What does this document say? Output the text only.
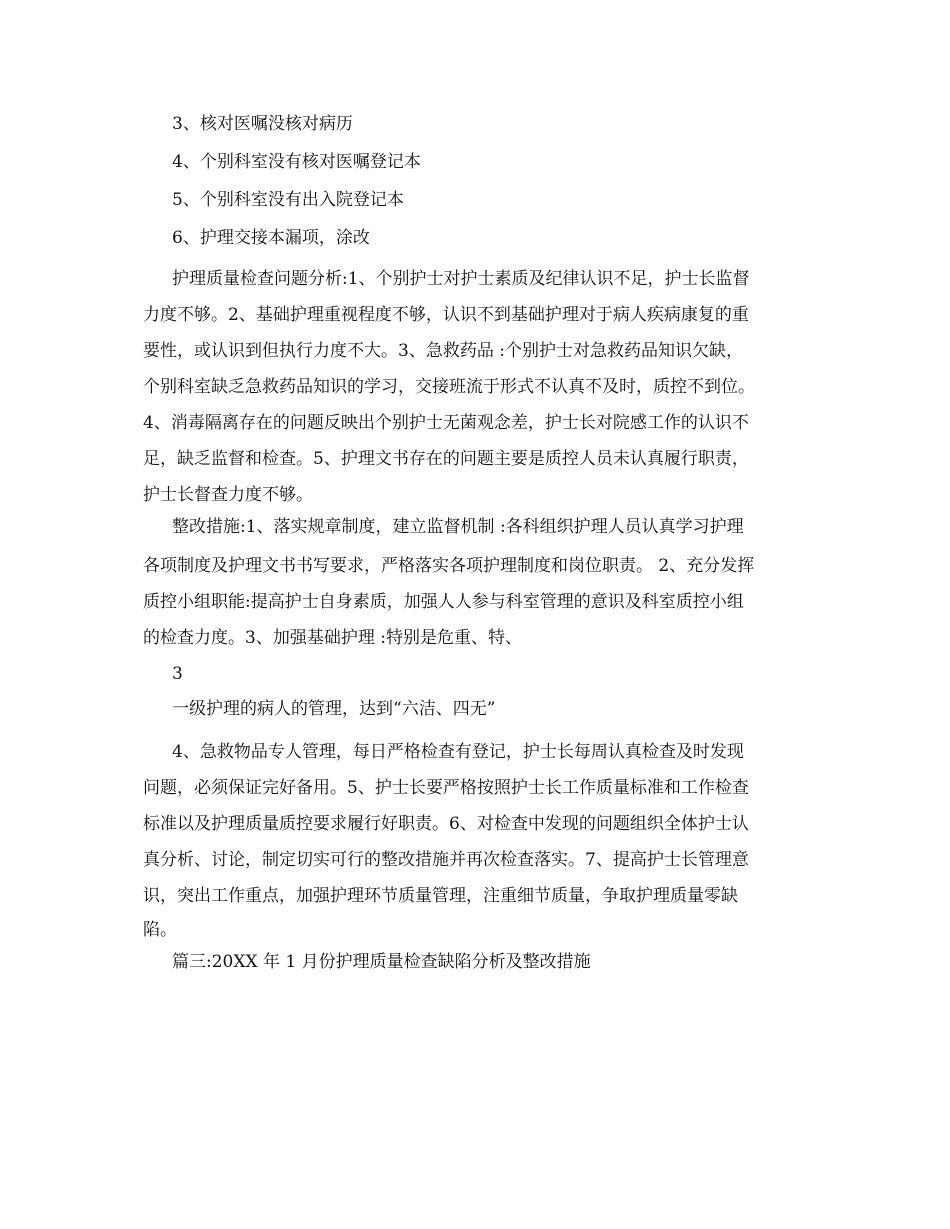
3、核对医嘱没核对病历
4、个别科室没有核对医嘱登记本
5、个别科室没有出入院登记本
6、护理交接本漏项，涂改
护理质量检查问题分析:1、个别护士对护士素质及纪律认识不足，护士长监督
力度不够。2、基础护理重视程度不够，认识不到基础护理对于病人疾病康复的重
要性，或认识到但执行力度不大。3、急救药品 :个别护士对急救药品知识欠缺，
个别科室缺乏急救药品知识的学习，交接班流于形式不认真不及时，质控不到位。
4、消毒隔离存在的问题反映出个别护士无菌观念差，护士长对院感工作的认识不
足，缺乏监督和检查。5、护理文书存在的问题主要是质控人员未认真履行职责，
护士长督查力度不够。
整改措施:1、落实规章制度，建立监督机制 :各科组织护理人员认真学习护理
各项制度及护理文书书写要求，严格落实各项护理制度和岗位职责。 2、充分发挥
质控小组职能:提高护士自身素质，加强人人参与科室管理的意识及科室质控小组
的检查力度。3、加强基础护理 :特别是危重、特、
3
一级护理的病人的管理，达到“六洁、四无”
4、急救物品专人管理，每日严格检查有登记，护士长每周认真检查及时发现
问题，必须保证完好备用。5、护士长要严格按照护士长工作质量标准和工作检查
标准以及护理质量质控要求履行好职责。6、对检查中发现的问题组织全体护士认
真分析、讨论，制定切实可行的整改措施并再次检查落实。7、提高护士长管理意
识，突出工作重点，加强护理环节质量管理，注重细节质量，争取护理质量零缺
陷。
篇三:20XX 年 1 月份护理质量检查缺陷分析及整改措施
